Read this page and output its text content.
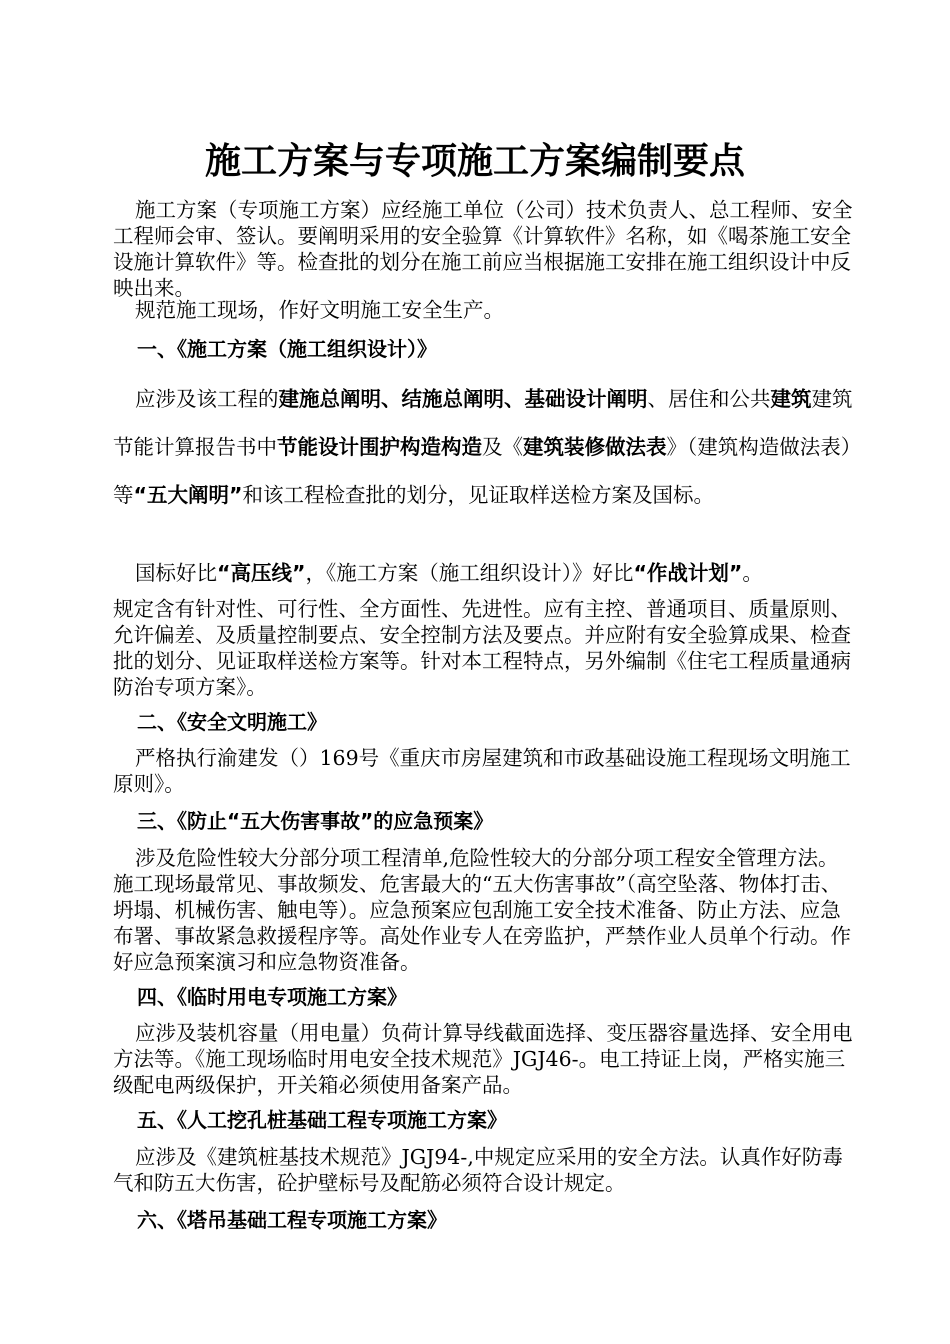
施工方案与专项施工方案编制要点

施工方案（专项施工方案）应经施工单位（公司）技术负责人、总工程师、安全工程师会审、签认。要阐明采用的安全验算《计算软件》名称，如《喝茶施工安全设施计算软件》等。检查批的划分在施工前应当根据施工安排在施工组织设计中反映出来。

规范施工现场，作好文明施工安全生产。

一、《施工方案（施工组织设计）》

应涉及该工程的建施总阐明、结施总阐明、基础设计阐明、居住和公共建筑建筑节能计算报告书中节能设计围护构造构造及《建筑装修做法表》（建筑构造做法表）等“五大阐明”和该工程检查批的划分，见证取样送检方案及国标。

国标好比“高压线”，《施工方案（施工组织设计）》好比“作战计划”。

规定含有针对性、可行性、全方面性、先进性。应有主控、普通项目、质量原则、允许偏差、及质量控制要点、安全控制方法及要点。并应附有安全验算成果、检查批的划分、见证取样送检方案等。针对本工程特点，另外编制《住宅工程质量通病防治专项方案》。

二、《安全文明施工》

严格执行渝建发（）169号《重庆市房屋建筑和市政基础设施工程现场文明施工原则》。

三、《防止“五大伤害事故”的应急预案》

涉及危险性较大分部分项工程清单,危险性较大的分部分项工程安全管理方法。施工现场最常见、事故频发、危害最大的“五大伤害事故”（高空坠落、物体打击、坍塌、机械伤害、触电等）。应急预案应包刮施工安全技术准备、防止方法、应急布署、事故紧急救援程序等。高处作业专人在旁监护，严禁作业人员单个行动。作好应急预案演习和应急物资准备。

四、《临时用电专项施工方案》

应涉及装机容量（用电量）负荷计算导线截面选择、变压器容量选择、安全用电方法等。《施工现场临时用电安全技术规范》JGJ46-。电工持证上岗，严格实施三级配电两级保护，开关箱必须使用备案产品。

五、《人工挖孔桩基础工程专项施工方案》

应涉及《建筑桩基技术规范》JGJ94-,中规定应采用的安全方法。认真作好防毒气和防五大伤害，砼护壁标号及配筋必须符合设计规定。

六、《塔吊基础工程专项施工方案》
